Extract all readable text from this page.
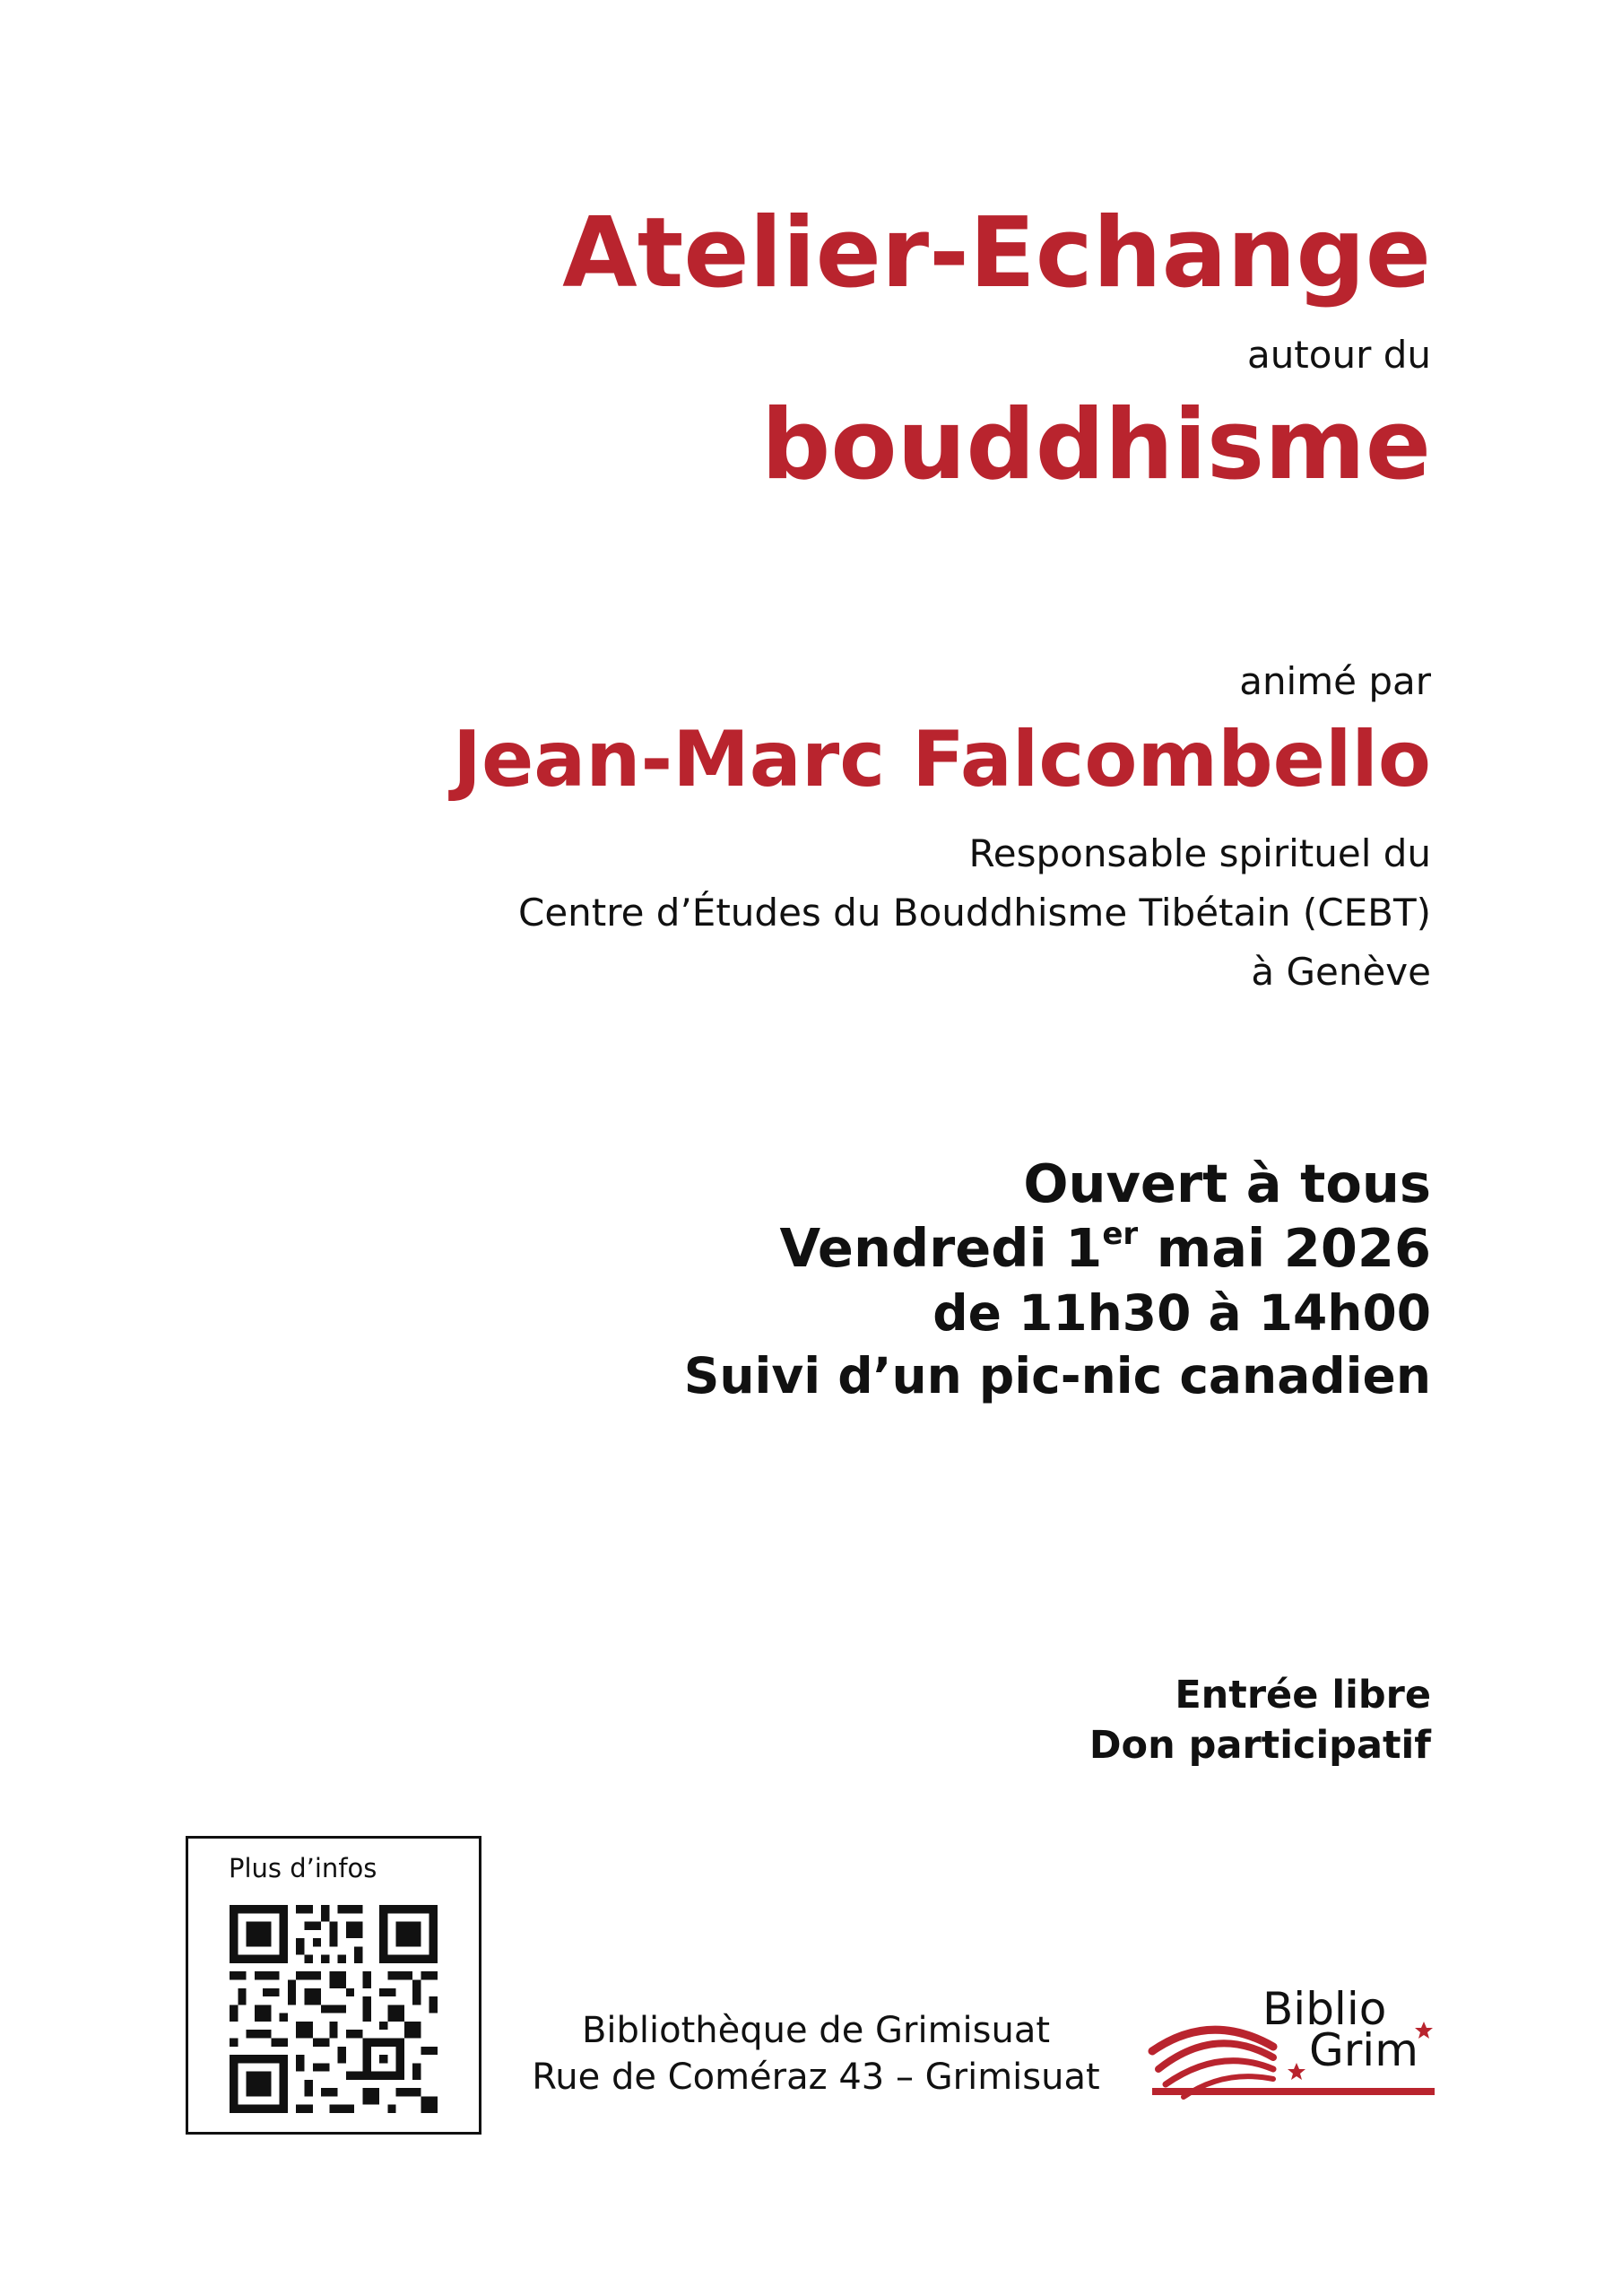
Atelier-Echange
autour du
bouddhisme
animé par
Jean-Marc Falcombello
Responsable spirituel du
Centre d’Études du Bouddhisme Tibétain (CEBT)
à Genève
Ouvert à tous
Vendredi 1er mai 2026
de 11h30 à 14h00
Suivi d’un pic-nic canadien
Entrée libre
Don participatif
Plus d’infos
Bibliothèque de Grimisuat
Rue de Coméraz 43 – Grimisuat
Biblio
Grim
